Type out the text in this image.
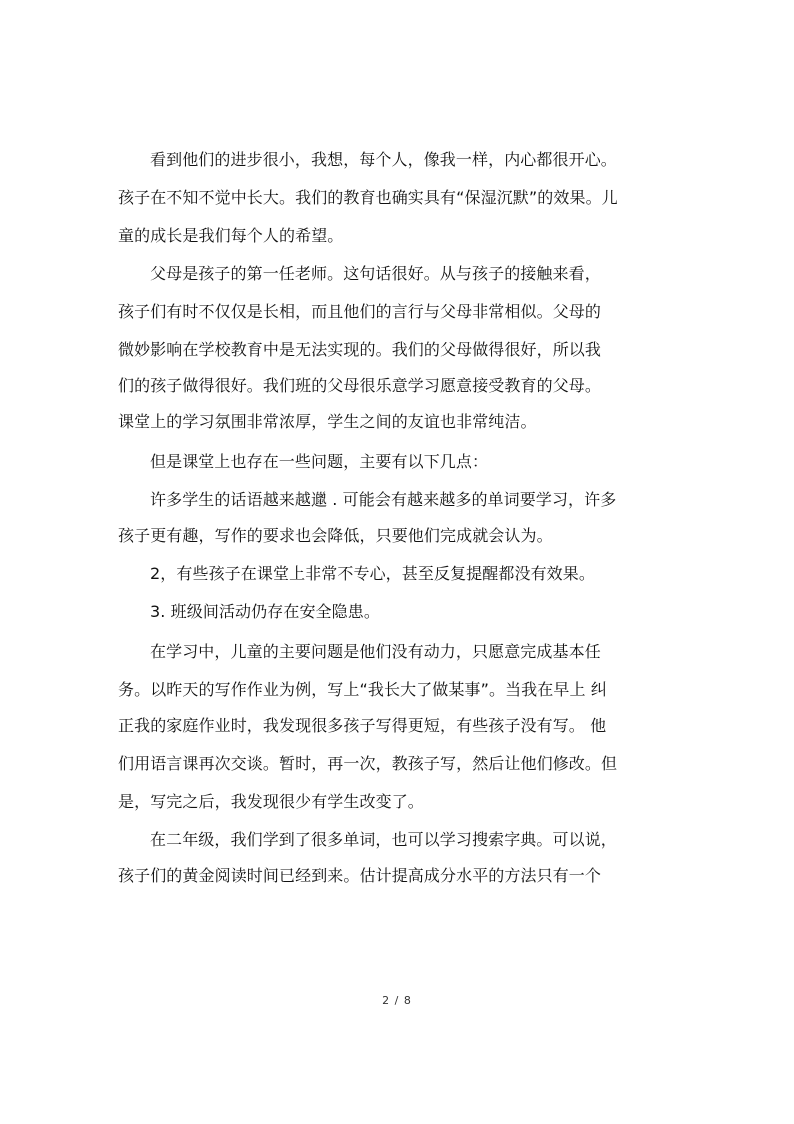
看到他们的进步很小，我想，每个人，像我一样，内心都很开心。
孩子在不知不觉中长大。我们的教育也确实具有“保湿沉默”的效果。儿
童的成长是我们每个人的希望。
父母是孩子的第一任老师。这句话很好。从与孩子的接触来看，
孩子们有时不仅仅是长相，而且他们的言行与父母非常相似。父母的
微妙影响在学校教育中是无法实现的。我们的父母做得很好，所以我
们的孩子做得很好。我们班的父母很乐意学习愿意接受教育的父母。
课堂上的学习氛围非常浓厚，学生之间的友谊也非常纯洁。
但是课堂上也存在一些问题，主要有以下几点：
许多学生的话语越来越邋 . 可能会有越来越多的单词要学习，许多
孩子更有趣，写作的要求也会降低，只要他们完成就会认为。
2，有些孩子在课堂上非常不专心，甚至反复提醒都没有效果。
3. 班级间活动仍存在安全隐患。
在学习中，儿童的主要问题是他们没有动力，只愿意完成基本任
务。以昨天的写作作业为例，写上“我长大了做某事”。当我在早上 纠
正我的家庭作业时，我发现很多孩子写得更短，有些孩子没有写。 他
们用语言课再次交谈。暂时，再一次，教孩子写，然后让他们修改。但
是，写完之后，我发现很少有学生改变了。
在二年级，我们学到了很多单词，也可以学习搜索字典。可以说，
孩子们的黄金阅读时间已经到来。估计提高成分水平的方法只有一个
2 / 8
